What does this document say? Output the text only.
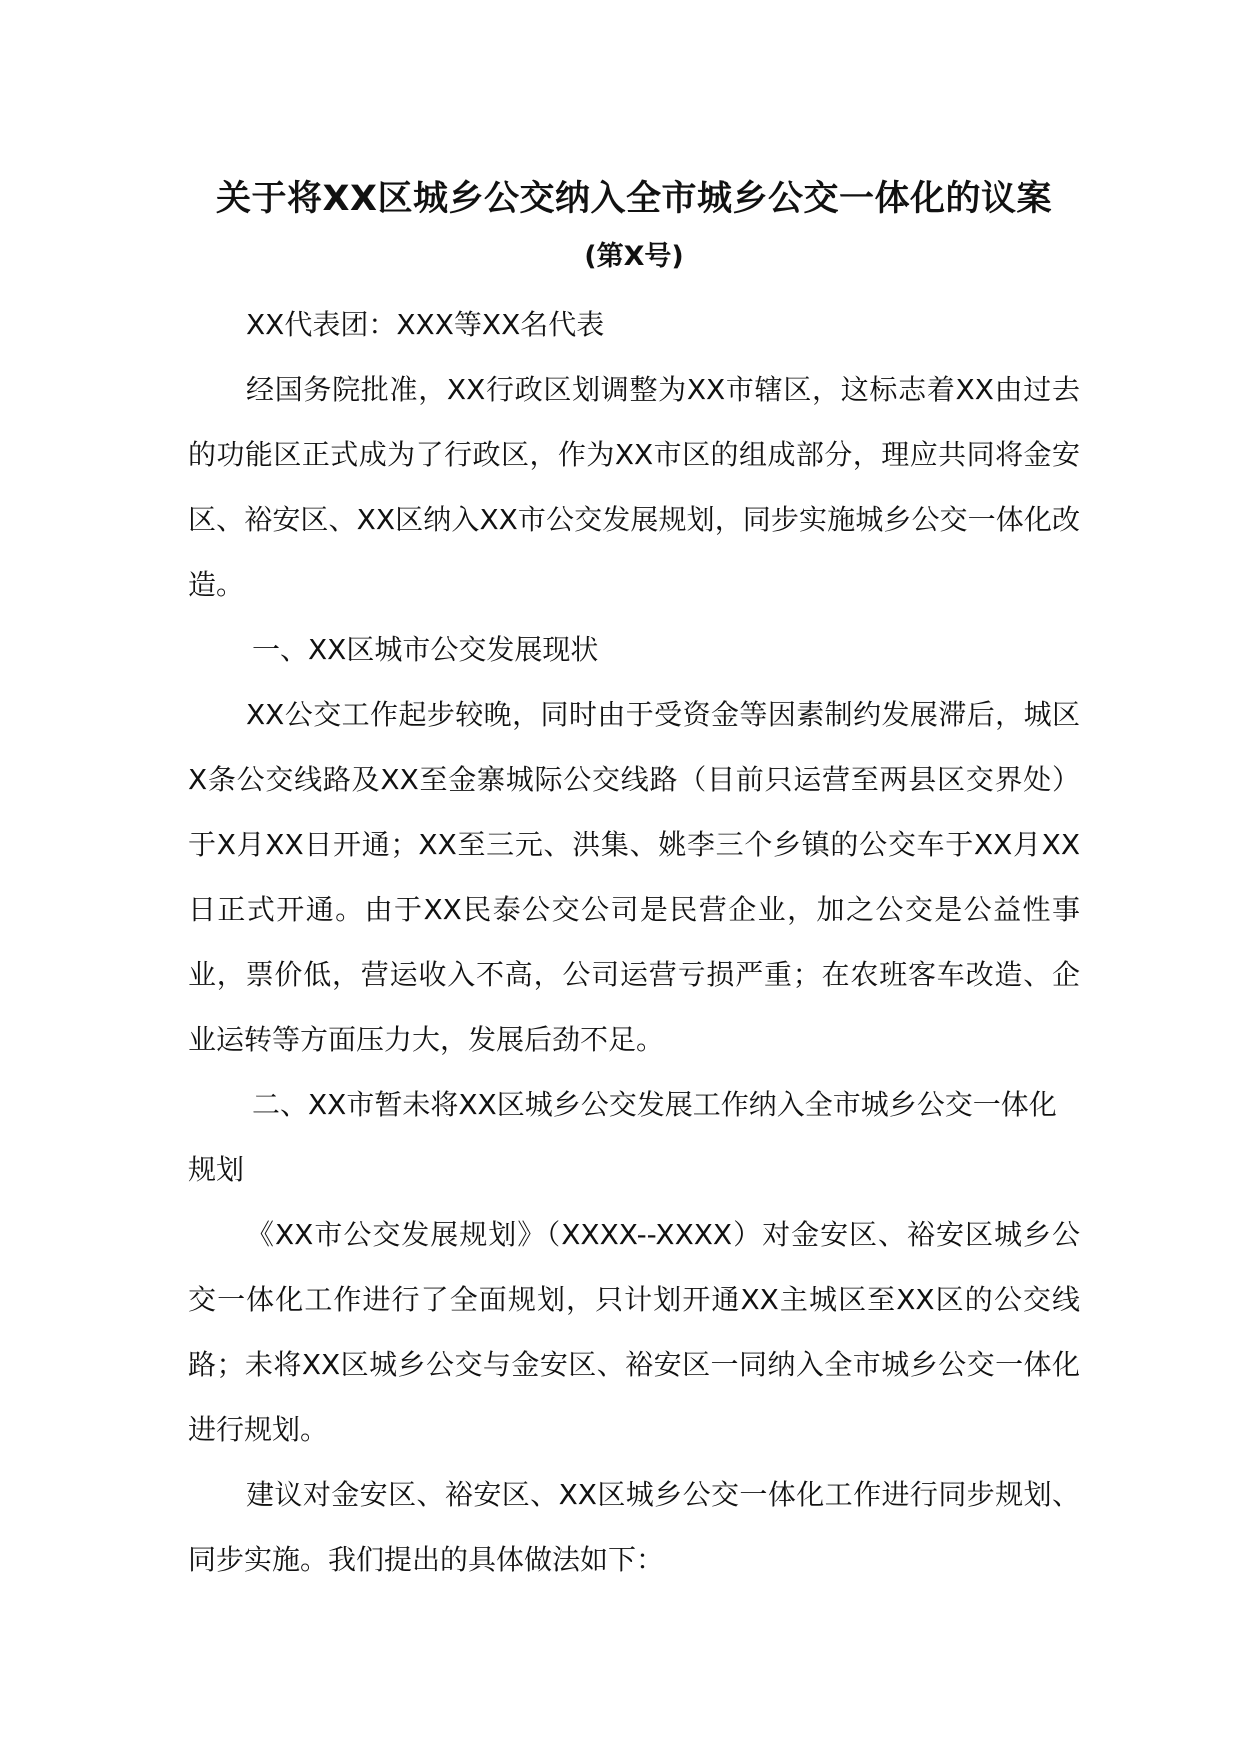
关于将XX区城乡公交纳入全市城乡公交一体化的议案
(第X号)

XX代表团：XXX等XX名代表

经国务院批准，XX行政区划调整为XX市辖区，这标志着XX由过去的功能区正式成为了行政区，作为XX市区的组成部分，理应共同将金安区、裕安区、XX区纳入XX市公交发展规划，同步实施城乡公交一体化改造。

一、XX区城市公交发展现状

XX公交工作起步较晚，同时由于受资金等因素制约发展滞后，城区X条公交线路及XX至金寨城际公交线路（目前只运营至两县区交界处）于X月XX日开通；XX至三元、洪集、姚李三个乡镇的公交车于XX月XX日正式开通。由于XX民泰公交公司是民营企业，加之公交是公益性事业，票价低，营运收入不高，公司运营亏损严重；在农班客车改造、企业运转等方面压力大，发展后劲不足。

二、XX市暂未将XX区城乡公交发展工作纳入全市城乡公交一体化规划

《XX市公交发展规划》（XXXX--XXXX）对金安区、裕安区城乡公交一体化工作进行了全面规划，只计划开通XX主城区至XX区的公交线路；未将XX区城乡公交与金安区、裕安区一同纳入全市城乡公交一体化进行规划。

建议对金安区、裕安区、XX区城乡公交一体化工作进行同步规划、同步实施。我们提出的具体做法如下：
